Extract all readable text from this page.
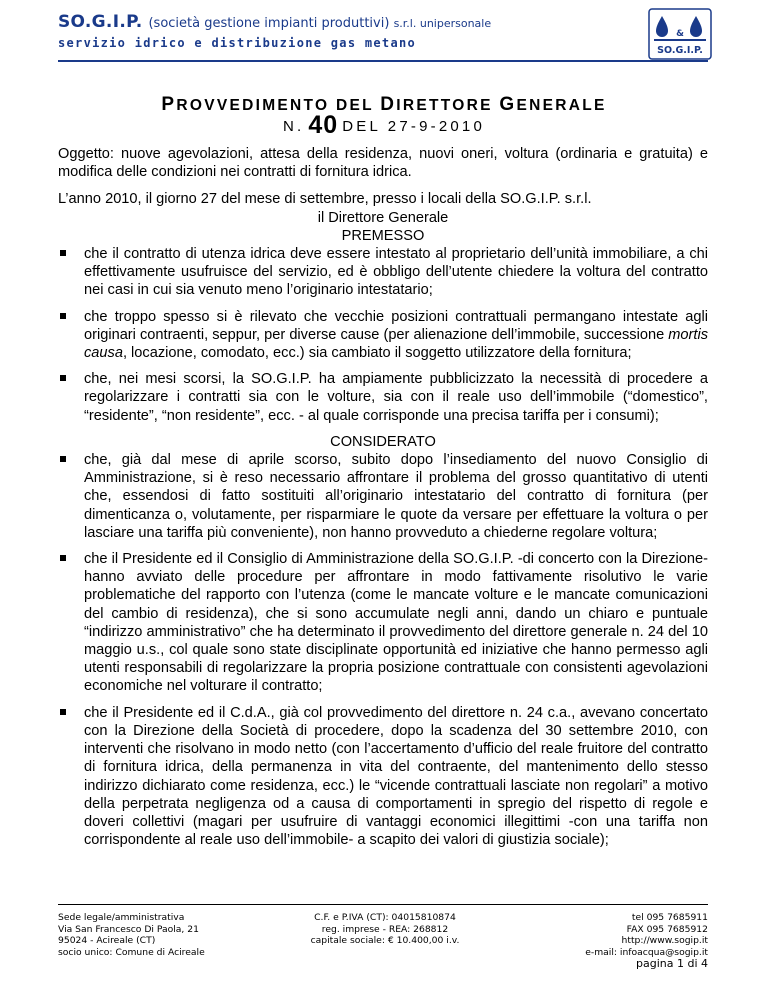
SO.G.I.P. (società gestione impianti produttivi) s.r.l. unipersonale
servizio idrico e distribuzione gas metano
&
SO.G.I.P.
PROVVEDIMENTO DEL DIRETTORE GENERALE
N. 40 DEL 27-9-2010

Oggetto: nuove agevolazioni, attesa della residenza, nuovi oneri, voltura (ordinaria e gratuita) e modifica delle condizioni nei contratti di fornitura idrica.

L’anno 2010, il giorno 27 del mese di settembre, presso i locali della SO.G.I.P. s.r.l.

il Direttore Generale

PREMESSO

che il contratto di utenza idrica deve essere intestato al proprietario dell’unità immobiliare, a chi effettivamente usufruisce del servizio, ed è obbligo dell’utente chiedere la voltura del contratto nei casi in cui sia venuto meno l’originario intestatario;
che troppo spesso si è rilevato che vecchie posizioni contrattuali permangano intestate agli originari contraenti, seppur, per diverse cause (per alienazione dell’immobile, successione mortis causa, locazione, comodato, ecc.) sia cambiato il soggetto utilizzatore della fornitura;
che, nei mesi scorsi, la SO.G.I.P. ha ampiamente pubblicizzato la necessità di procedere a regolarizzare i contratti sia con le volture, sia con il reale uso dell’immobile (“domestico”, “residente”, “non residente”, ecc. - al quale corrisponde una precisa tariffa per i consumi);

CONSIDERATO

che, già dal mese di aprile scorso, subito dopo l’insediamento del nuovo Consiglio di Amministrazione, si è reso necessario affrontare il problema del grosso quantitativo di utenti che, essendosi di fatto sostituiti all’originario intestatario del contratto di fornitura (per dimenticanza o, volutamente, per risparmiare le quote da versare per effettuare la voltura o per lasciare una tariffa più conveniente), non hanno provveduto a chiederne regolare voltura;
che il Presidente ed il Consiglio di Amministrazione della SO.G.I.P. -di concerto con la Direzione- hanno avviato delle procedure per affrontare in modo fattivamente risolutivo le varie problematiche del rapporto con l’utenza (come le mancate volture e le mancate comunicazioni del cambio di residenza), che si sono accumulate negli anni, dando un chiaro e puntuale “indirizzo amministrativo” che ha determinato il provvedimento del direttore generale n. 24 del 10 maggio u.s., col quale sono state disciplinate opportunità ed iniziative che hanno permesso agli utenti responsabili di regolarizzare la propria posizione contrattuale con consistenti agevolazioni economiche nel volturare il contratto;
che il Presidente ed il C.d.A., già col provvedimento del direttore n. 24 c.a., avevano concertato con la Direzione della Società di procedere, dopo la scadenza del 30 settembre 2010, con interventi che risolvano in modo netto (con l’accertamento d’ufficio del reale fruitore del contratto di fornitura idrica, della permanenza in vita del contraente, del mantenimento dello stesso indirizzo dichiarato come residenza, ecc.) le “vicende contrattuali lasciate non regolari” a motivo della perpetrata negligenza od a causa di comportamenti in spregio del rispetto di regole e doveri collettivi (magari per usufruire di vantaggi economici illegittimi -con una tariffa non corrispondente al reale uso dell’immobile- a scapito dei valori di giustizia sociale);
Sede legale/amministrativa
Via San Francesco Di Paola, 21
95024 - Acireale (CT)
socio unico: Comune di Acireale
C.F. e P.IVA (CT): 04015810874
reg. imprese - REA: 268812
capitale sociale: € 10.400,00 i.v.
tel 095 7685911
FAX 095 7685912
http://www.sogip.it
e-mail: infoacqua@sogip.it
pagina 1 di 4
